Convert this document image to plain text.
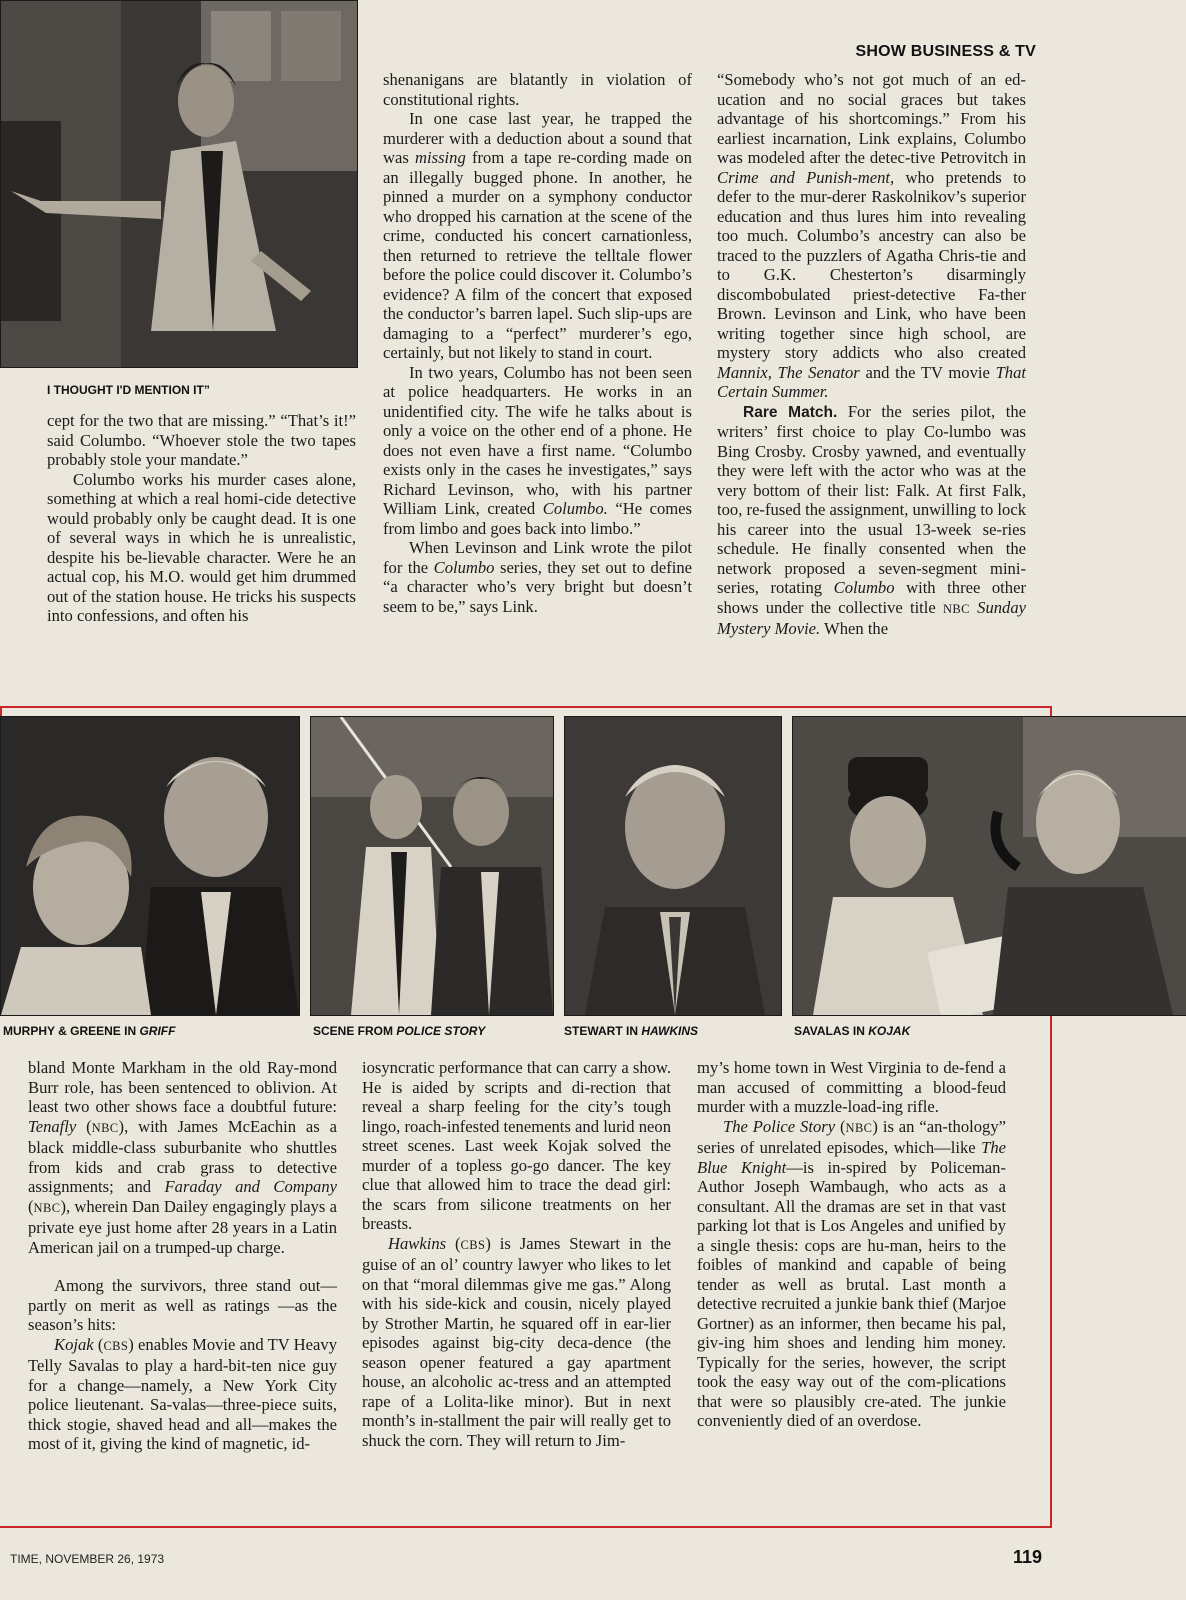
I THOUGHT I'D MENTION IT”
SHOW BUSINESS & TV

cept for the two that are missing.” “That’s it!” said Columbo. “Whoever stole the two tapes probably stole your mandate.”

Columbo works his murder cases alone, something at which a real homi-cide detective would probably only be caught dead. It is one of several ways in which he is unrealistic, despite his be-lievable character. Were he an actual cop, his M.O. would get him drummed out of the station house. He tricks his suspects into confessions, and often his

shenanigans are blatantly in violation of constitutional rights.

In one case last year, he trapped the murderer with a deduction about a sound that was missing from a tape re-cording made on an illegally bugged phone. In another, he pinned a murder on a symphony conductor who dropped his carnation at the scene of the crime, conducted his concert carnationless, then returned to retrieve the telltale flower before the police could discover it. Columbo’s evidence? A film of the concert that exposed the conductor’s barren lapel. Such slip-ups are damaging to a “perfect” murderer’s ego, certainly, but not likely to stand in court.

In two years, Columbo has not been seen at police headquarters. He works in an unidentified city. The wife he talks about is only a voice on the other end of a phone. He does not even have a first name. “Columbo exists only in the cases he investigates,” says Richard Levinson, who, with his partner William Link, created Columbo. “He comes from limbo and goes back into limbo.”

When Levinson and Link wrote the pilot for the Columbo series, they set out to define “a character who’s very bright but doesn’t seem to be,” says Link.

“Somebody who’s not got much of an ed-ucation and no social graces but takes advantage of his shortcomings.” From his earliest incarnation, Link explains, Columbo was modeled after the detec-tive Petrovitch in Crime and Punish-ment, who pretends to defer to the mur-derer Raskolnikov’s superior education and thus lures him into revealing too much. Columbo’s ancestry can also be traced to the puzzlers of Agatha Chris-tie and to G.K. Chesterton’s disarmingly discombobulated priest-detective Fa-ther Brown. Levinson and Link, who have been writing together since high school, are mystery story addicts who also created Mannix, The Senator and the TV movie That Certain Summer.

Rare Match. For the series pilot, the writers’ first choice to play Co-lumbo was Bing Crosby. Crosby yawned, and eventually they were left with the actor who was at the very bottom of their list: Falk. At first Falk, too, re-fused the assignment, unwilling to lock his career into the usual 13-week se-ries schedule. He finally consented when the network proposed a seven-segment mini-series, rotating Columbo with three other shows under the collective title NBC Sunday Mystery Movie. When the

MURPHY & GREENE IN GRIFF	SCENE FROM POLICE STORY	STEWART IN HAWKINS	SAVALAS IN KOJAK

bland Monte Markham in the old Ray-mond Burr role, has been sentenced to oblivion. At least two other shows face a doubtful future: Tenafly (NBC), with James McEachin as a black middle-class suburbanite who shuttles from kids and crab grass to detective assignments; and Faraday and Company (NBC), wherein Dan Dailey engagingly plays a private eye just home after 28 years in a Latin American jail on a trumped-up charge.

Among the survivors, three stand out—partly on merit as well as ratings —as the season’s hits:

Kojak (CBS) enables Movie and TV Heavy Telly Savalas to play a hard-bit-ten nice guy for a change—namely, a New York City police lieutenant. Sa-valas—three-piece suits, thick stogie, shaved head and all—makes the most of it, giving the kind of magnetic, id-

iosyncratic performance that can carry a show. He is aided by scripts and di-rection that reveal a sharp feeling for the city’s tough lingo, roach-infested tenements and lurid neon street scenes. Last week Kojak solved the murder of a topless go-go dancer. The key clue that allowed him to trace the dead girl: the scars from silicone treatments on her breasts.

Hawkins (CBS) is James Stewart in the guise of an ol’ country lawyer who likes to let on that “moral dilemmas give me gas.” Along with his side-kick and cousin, nicely played by Strother Martin, he squared off in ear-lier episodes against big-city deca-dence (the season opener featured a gay apartment house, an alcoholic ac-tress and an attempted rape of a Lolita-like minor). But in next month’s in-stallment the pair will really get to shuck the corn. They will return to Jim-

my’s home town in West Virginia to de-fend a man accused of committing a blood-feud murder with a muzzle-load-ing rifle.

The Police Story (NBC) is an “an-thology” series of unrelated episodes, which—like The Blue Knight—is in-spired by Policeman-Author Joseph Wambaugh, who acts as a consultant. All the dramas are set in that vast parking lot that is Los Angeles and unified by a single thesis: cops are hu-man, heirs to the foibles of mankind and capable of being tender as well as brutal. Last month a detective recruited a junkie bank thief (Marjoe Gortner) as an informer, then became his pal, giv-ing him shoes and lending him money. Typically for the series, however, the script took the easy way out of the com-plications that were so plausibly cre-ated. The junkie conveniently died of an overdose.

TIME, NOVEMBER 26, 1973	119
